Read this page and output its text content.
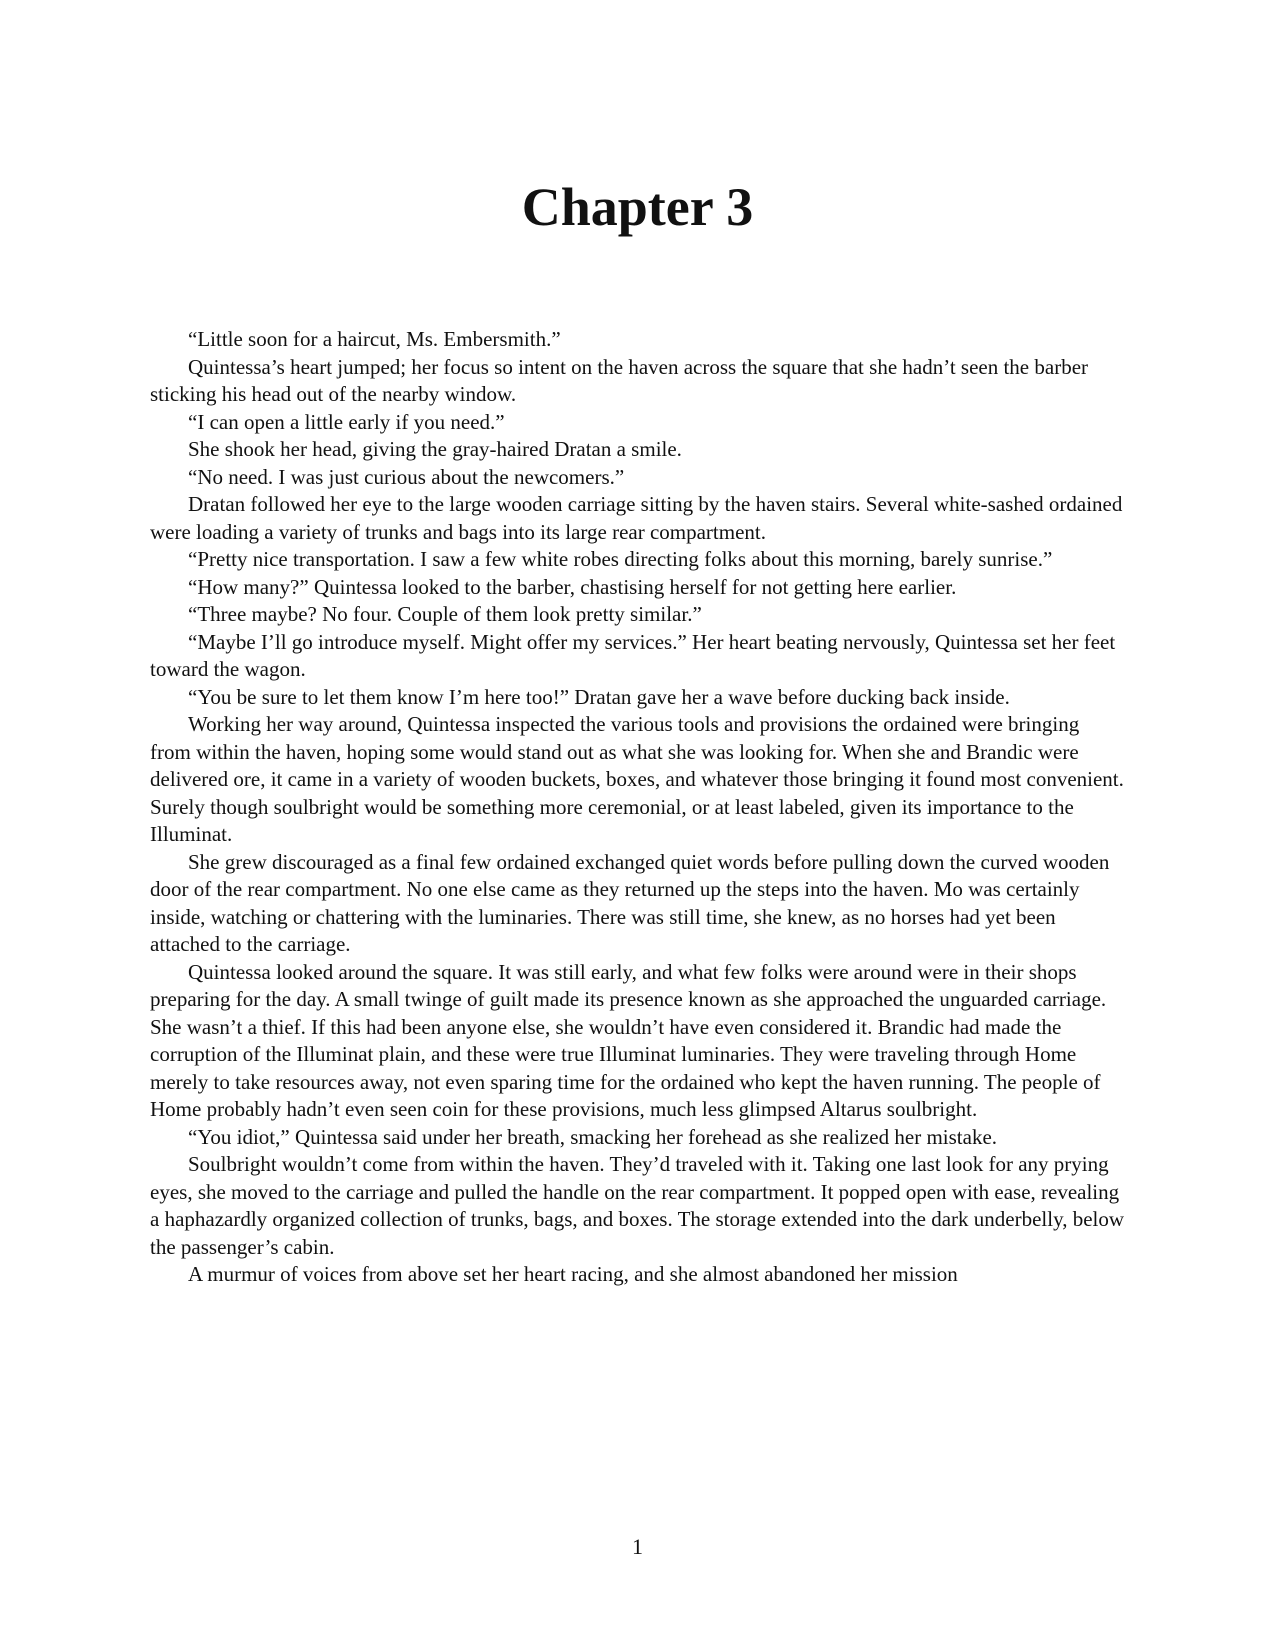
Chapter 3

“Little soon for a haircut, Ms. Embersmith.”

Quintessa’s heart jumped; her focus so intent on the haven across the square that she hadn’t seen the barber sticking his head out of the nearby window.

“I can open a little early if you need.”

She shook her head, giving the gray-haired Dratan a smile.

“No need. I was just curious about the newcomers.”

Dratan followed her eye to the large wooden carriage sitting by the haven stairs. Several white-sashed ordained were loading a variety of trunks and bags into its large rear compartment.

“Pretty nice transportation. I saw a few white robes directing folks about this morning, barely sunrise.”

“How many?” Quintessa looked to the barber, chastising herself for not getting here earlier.

“Three maybe? No four. Couple of them look pretty similar.”

“Maybe I’ll go introduce myself. Might offer my services.” Her heart beating nervously, Quintessa set her feet toward the wagon.

“You be sure to let them know I’m here too!” Dratan gave her a wave before ducking back inside.

Working her way around, Quintessa inspected the various tools and provisions the ordained were bringing from within the haven, hoping some would stand out as what she was looking for. When she and Brandic were delivered ore, it came in a variety of wooden buckets, boxes, and whatever those bringing it found most convenient. Surely though soulbright would be something more ceremonial, or at least labeled, given its importance to the Illuminat.

She grew discouraged as a final few ordained exchanged quiet words before pulling down the curved wooden door of the rear compartment. No one else came as they returned up the steps into the haven. Mo was certainly inside, watching or chattering with the luminaries. There was still time, she knew, as no horses had yet been attached to the carriage.

Quintessa looked around the square. It was still early, and what few folks were around were in their shops preparing for the day. A small twinge of guilt made its presence known as she approached the unguarded carriage. She wasn’t a thief. If this had been anyone else, she wouldn’t have even considered it. Brandic had made the corruption of the Illuminat plain, and these were true Illuminat luminaries. They were traveling through Home merely to take resources away, not even sparing time for the ordained who kept the haven running. The people of Home probably hadn’t even seen coin for these provisions, much less glimpsed Altarus soulbright.

“You idiot,” Quintessa said under her breath, smacking her forehead as she realized her mistake.

Soulbright wouldn’t come from within the haven. They’d traveled with it. Taking one last look for any prying eyes, she moved to the carriage and pulled the handle on the rear compartment. It popped open with ease, revealing a haphazardly organized collection of trunks, bags, and boxes. The storage extended into the dark underbelly, below the passenger’s cabin.

A murmur of voices from above set her heart racing, and she almost abandoned her mission

1
